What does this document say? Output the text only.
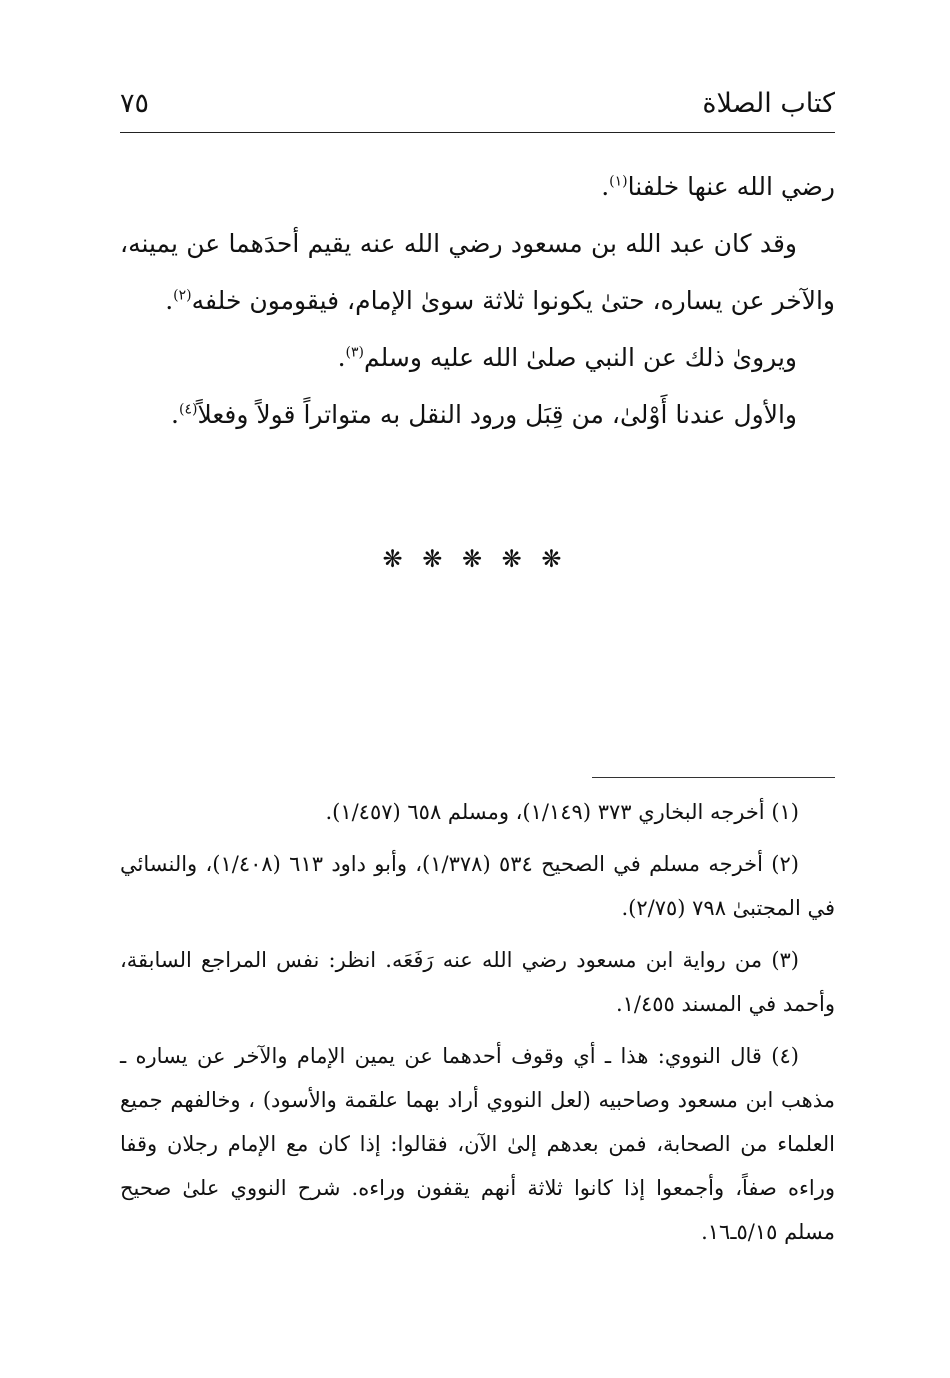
كتاب الصلاة
٧٥

رضي الله عنها خلفنا$^{(١)}$.

وقد كان عبد الله بن مسعود رضي الله عنه يقيم أحدَهما عن يمينه، والآخر عن يساره، حتىٰ يكونوا ثلاثة سوىٰ الإمام، فيقومون خلفه$^{(٢)}$.

ويروىٰ ذلك عن النبي صلىٰ الله عليه وسلم$^{(٣)}$.

والأول عندنا أَوْلىٰ، من قِبَل ورود النقل به متواتراً قولاً وفعلاً$^{(٤)}$.

❋ ❋ ❋ ❋ ❋

(١) أخرجه البخاري ٣٧٣ (١/١٤٩)، ومسلم ٦٥٨ (١/٤٥٧).

(٢) أخرجه مسلم في الصحيح ٥٣٤ (١/٣٧٨)، وأبو داود ٦١٣ (١/٤٠٨)، والنسائي في المجتبىٰ ٧٩٨ (٢/٧٥).

(٣) من رواية ابن مسعود رضي الله عنه رَفَعَه. انظر: نفس المراجع السابقة، وأحمد في المسند ١/٤٥٥.

(٤) قال النووي: هذا ـ أي وقوف أحدهما عن يمين الإمام والآخر عن يساره ـ مذهب ابن مسعود وصاحبيه (لعل النووي أراد بهما علقمة والأسود) ، وخالفهم جميع العلماء من الصحابة، فمن بعدهم إلىٰ الآن، فقالوا: إذا كان مع الإمام رجلان وقفا وراءه صفاً، وأجمعوا إذا كانوا ثلاثة أنهم يقفون وراءه. شرح النووي علىٰ صحيح مسلم ٥/١٥ـ١٦.
